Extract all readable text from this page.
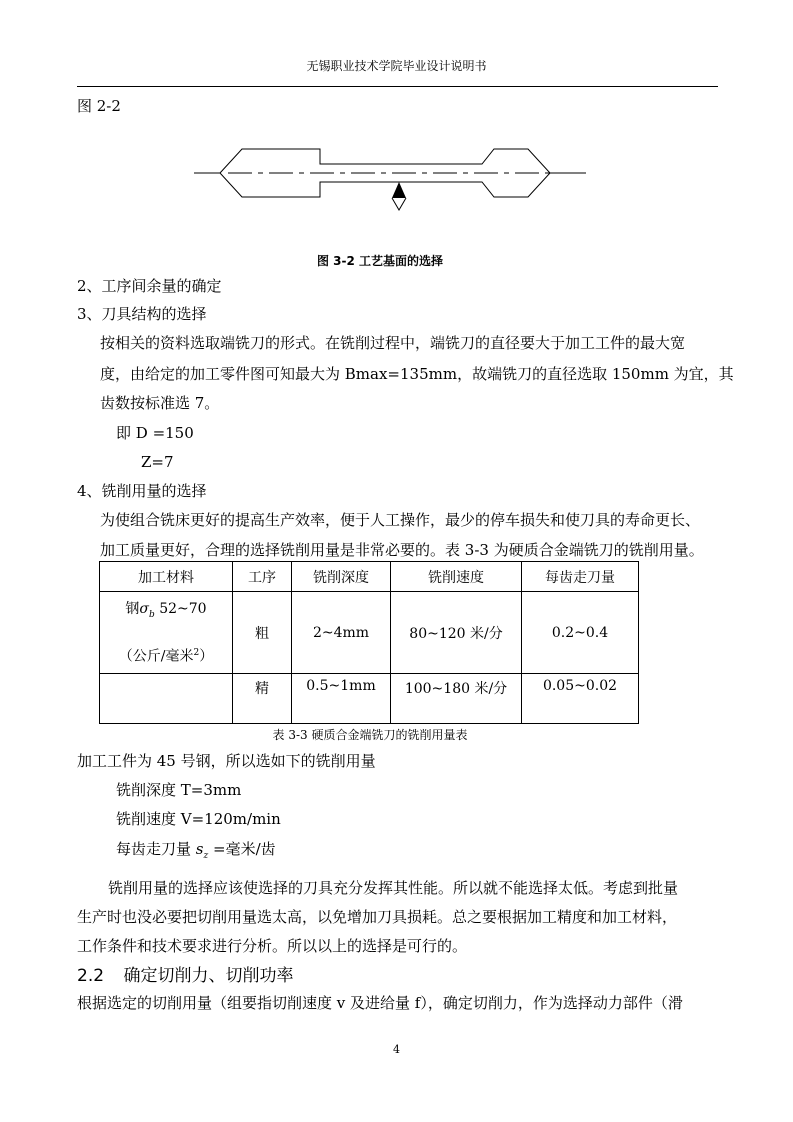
无锡职业技术学院毕业设计说明书
图 2-2
图 3-2 工艺基面的选择
2、工序间余量的确定
3、刀具结构的选择
按相关的资料选取端铣刀的形式。在铣削过程中，端铣刀的直径要大于加工工件的最大宽
度，由给定的加工零件图可知最大为 Bmax=135mm，故端铣刀的直径选取 150mm 为宜，其
齿数按标准选 7。
即 D =150
Z=7
4、铣削用量的选择
为使组合铣床更好的提高生产效率，便于人工操作，最少的停车损失和使刀具的寿命更长、
加工质量更好，合理的选择铣削用量是非常必要的。表 3-3 为硬质合金端铣刀的铣削用量。
加工材料	工序	铣削深度	铣削速度	每齿走刀量

钢$\sigma_b$ 52~70
（公斤/毫米$^2$）	粗	2~4mm	80~120 米/分	0.2~0.4
	精	0.5~1mm	100~180 米/分	0.05~0.02
表 3-3 硬质合金端铣刀的铣削用量表
加工工件为 45 号钢，所以选如下的铣削用量
铣削深度 T=3mm
铣削速度 V=120m/min
每齿走刀量 $s_z$ =毫米/齿
铣削用量的选择应该使选择的刀具充分发挥其性能。所以就不能选择太低。考虑到批量
生产时也没必要把切削用量选太高，以免增加刀具损耗。总之要根据加工精度和加工材料，
工作条件和技术要求进行分析。所以以上的选择是可行的。
2.2 确定切削力、切削功率
根据选定的切削用量（组要指切削速度 v 及进给量 f），确定切削力，作为选择动力部件（滑
4
